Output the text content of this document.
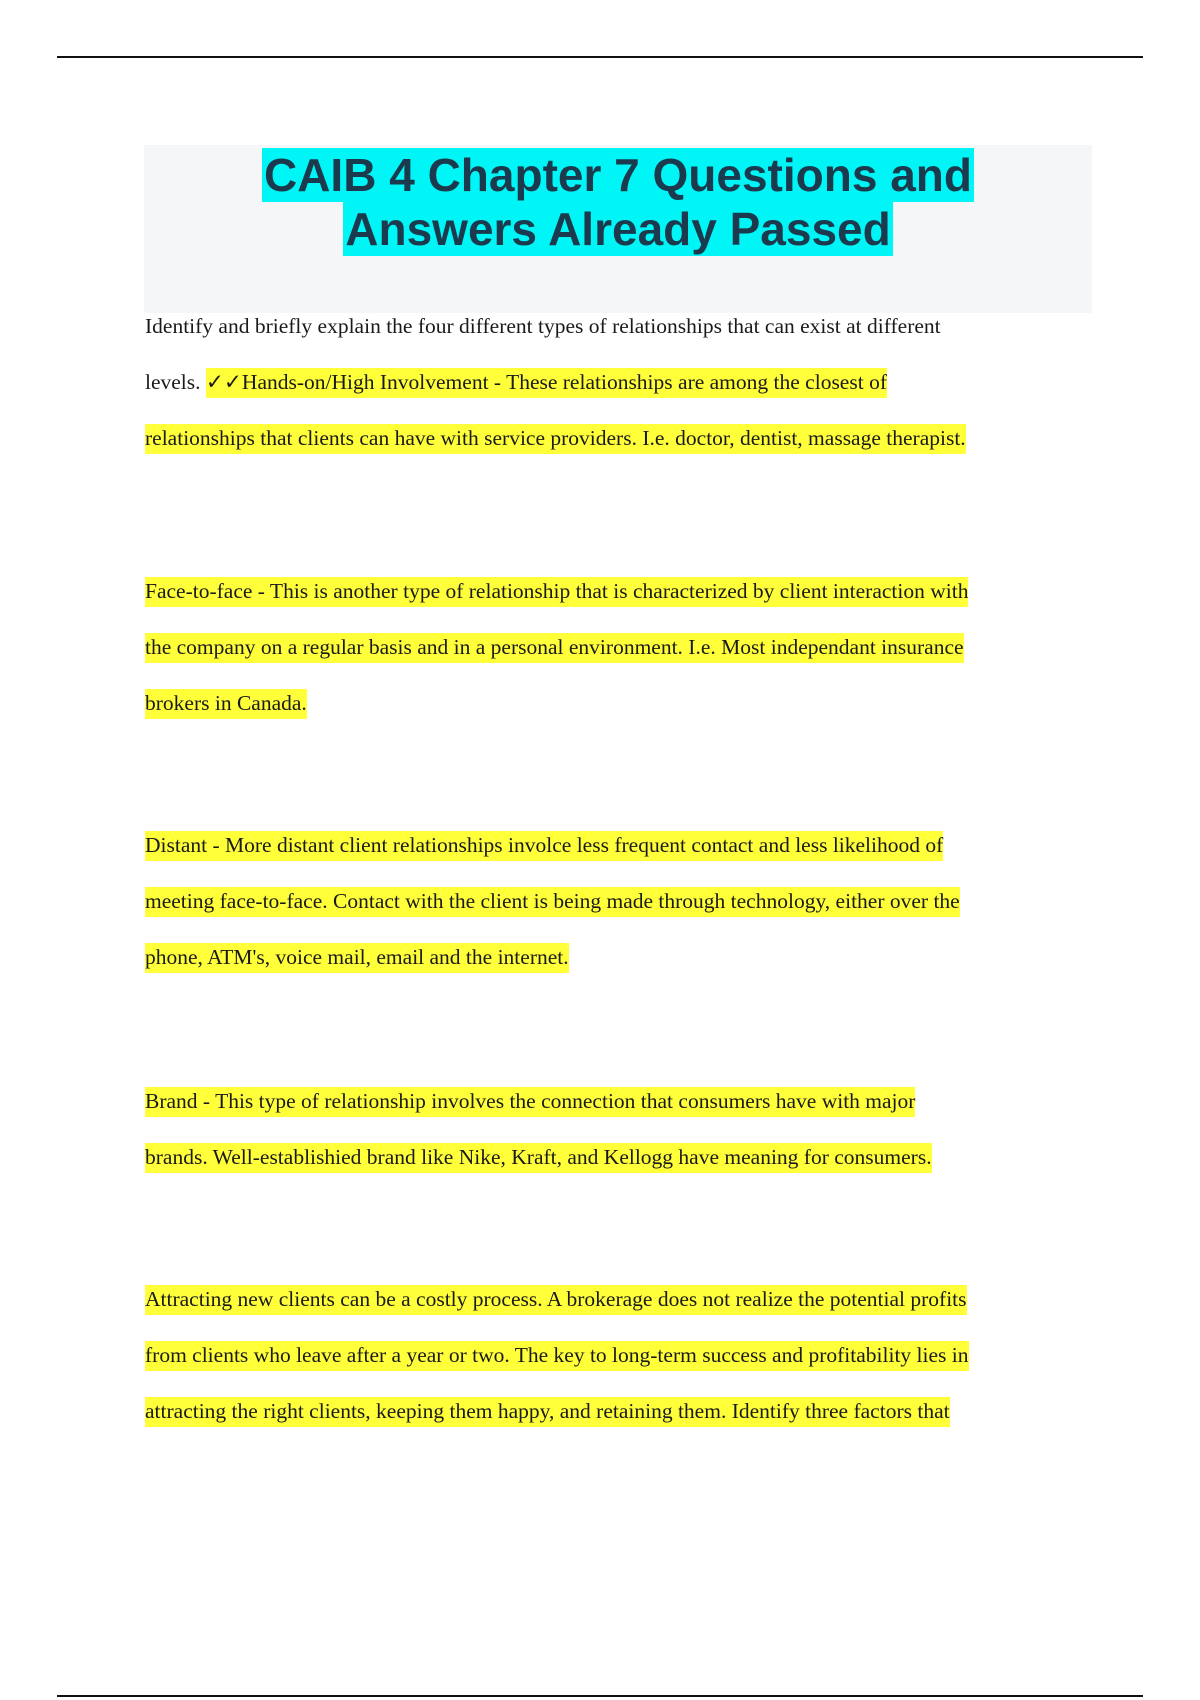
CAIB 4 Chapter 7 Questions and
Answers Already Passed
Identify and briefly explain the four different types of relationships that can exist at different
levels. ✓✓Hands-on/High Involvement - These relationships are among the closest of
relationships that clients can have with service providers. I.e. doctor, dentist, massage therapist.
Face-to-face - This is another type of relationship that is characterized by client interaction with
the company on a regular basis and in a personal environment. I.e. Most independant insurance
brokers in Canada.
Distant - More distant client relationships involce less frequent contact and less likelihood of
meeting face-to-face. Contact with the client is being made through technology, either over the
phone, ATM's, voice mail, email and the internet.
Brand - This type of relationship involves the connection that consumers have with major
brands. Well-establishied brand like Nike, Kraft, and Kellogg have meaning for consumers.
Attracting new clients can be a costly process. A brokerage does not realize the potential profits
from clients who leave after a year or two. The key to long-term success and profitability lies in
attracting the right clients, keeping them happy, and retaining them. Identify three factors that
